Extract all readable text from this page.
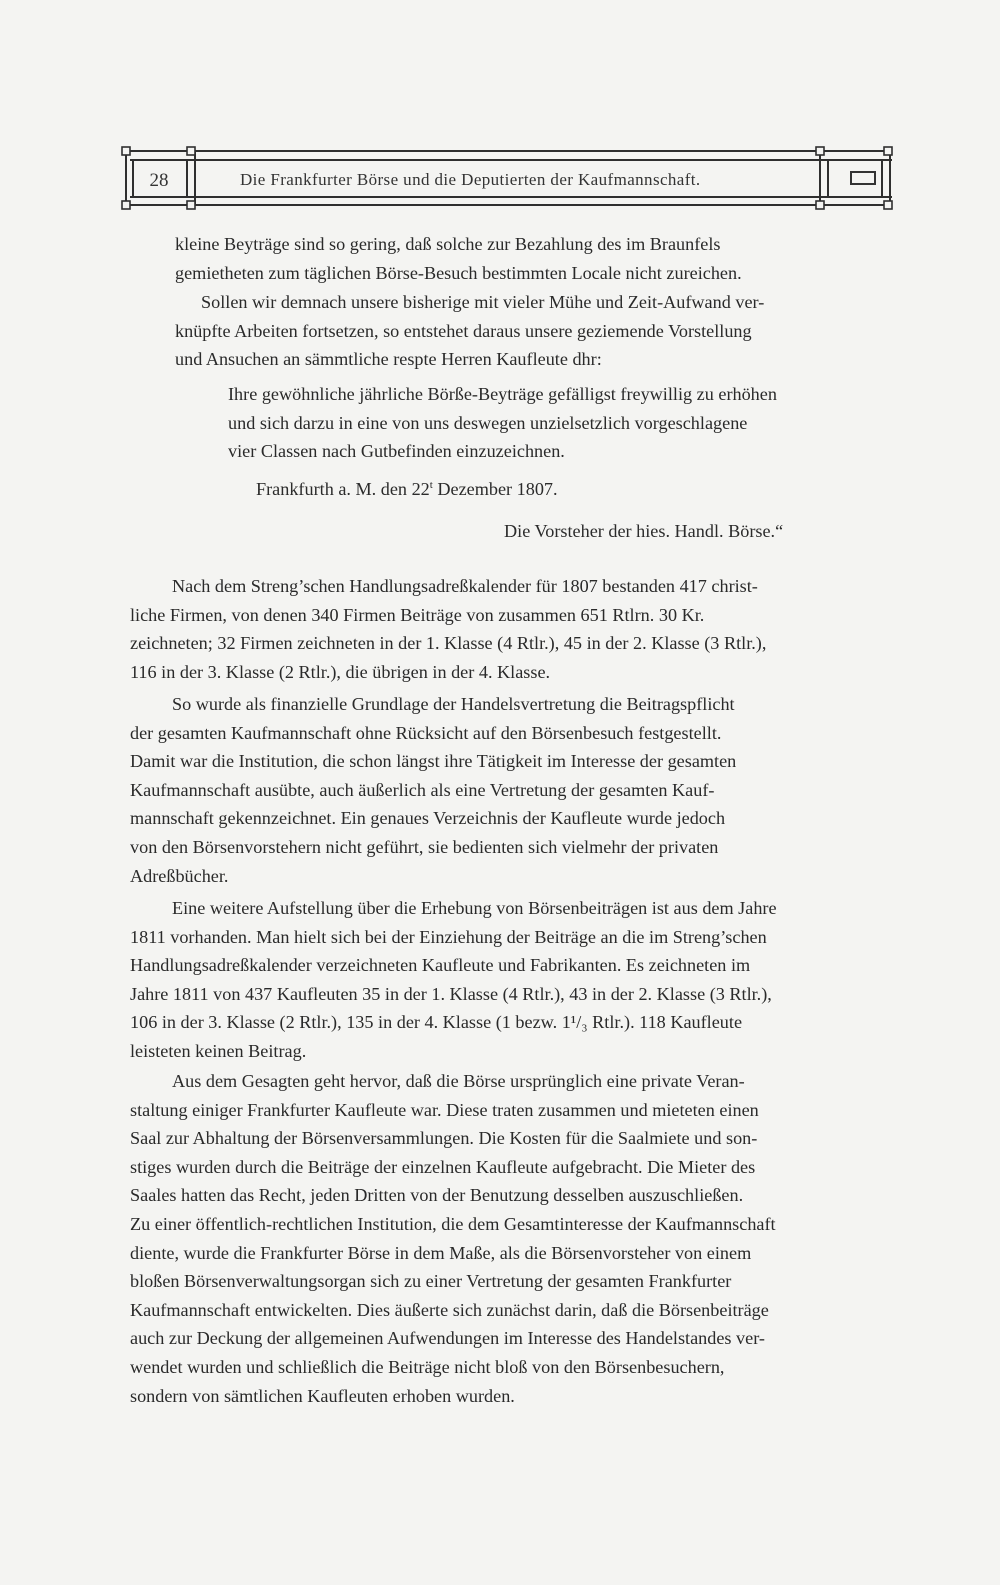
28	Die Frankfurter Börse und die Deputierten der Kaufmannschaft.
kleine Beyträge sind so gering, daß solche zur Bezahlung des im Braunfels
gemietheten zum täglichen Börse-Besuch bestimmten Locale nicht zureichen.
Sollen wir demnach unsere bisherige mit vieler Mühe und Zeit-Aufwand ver-
knüpfte Arbeiten fortsetzen, so entstehet daraus unsere geziemende Vorstellung
und Ansuchen an sämmtliche respte Herren Kaufleute dhr:
Ihre gewöhnliche jährliche Börße-Beyträge gefälligst freywillig zu erhöhen
und sich darzu in eine von uns deswegen unzielsetzlich vorgeschlagene
vier Classen nach Gutbefinden einzuzeichnen.
Frankfurth a. M. den 22$^t$ Dezember 1807.
Die Vorsteher der hies. Handl. Börse.“
Nach dem Streng’schen Handlungsadreßkalender für 1807 bestanden 417 christ-
liche Firmen, von denen 340 Firmen Beiträge von zusammen 651 Rtlrn. 30 Kr.
zeichneten; 32 Firmen zeichneten in der 1. Klasse (4 Rtlr.), 45 in der 2. Klasse (3 Rtlr.),
116 in der 3. Klasse (2 Rtlr.), die übrigen in der 4. Klasse.
So wurde als finanzielle Grundlage der Handelsvertretung die Beitragspflicht
der gesamten Kaufmannschaft ohne Rücksicht auf den Börsenbesuch festgestellt.
Damit war die Institution, die schon längst ihre Tätigkeit im Interesse der gesamten
Kaufmannschaft ausübte, auch äußerlich als eine Vertretung der gesamten Kauf-
mannschaft gekennzeichnet. Ein genaues Verzeichnis der Kaufleute wurde jedoch
von den Börsenvorstehern nicht geführt, sie bedienten sich vielmehr der privaten
Adreßbücher.
Eine weitere Aufstellung über die Erhebung von Börsenbeiträgen ist aus dem Jahre
1811 vorhanden. Man hielt sich bei der Einziehung der Beiträge an die im Streng’schen
Handlungsadreßkalender verzeichneten Kaufleute und Fabrikanten. Es zeichneten im
Jahre 1811 von 437 Kaufleuten 35 in der 1. Klasse (4 Rtlr.), 43 in der 2. Klasse (3 Rtlr.),
106 in der 3. Klasse (2 Rtlr.), 135 in der 4. Klasse (1 bezw. 1¹/₃ Rtlr.). 118 Kaufleute
leisteten keinen Beitrag.
Aus dem Gesagten geht hervor, daß die Börse ursprünglich eine private Veran-
staltung einiger Frankfurter Kaufleute war. Diese traten zusammen und mieteten einen
Saal zur Abhaltung der Börsenversammlungen. Die Kosten für die Saalmiete und son-
stiges wurden durch die Beiträge der einzelnen Kaufleute aufgebracht. Die Mieter des
Saales hatten das Recht, jeden Dritten von der Benutzung desselben auszuschließen.
Zu einer öffentlich-rechtlichen Institution, die dem Gesamtinteresse der Kaufmannschaft
diente, wurde die Frankfurter Börse in dem Maße, als die Börsenvorsteher von einem
bloßen Börsenverwaltungsorgan sich zu einer Vertretung der gesamten Frankfurter
Kaufmannschaft entwickelten. Dies äußerte sich zunächst darin, daß die Börsenbeiträge
auch zur Deckung der allgemeinen Aufwendungen im Interesse des Handelstandes ver-
wendet wurden und schließlich die Beiträge nicht bloß von den Börsenbesuchern,
sondern von sämtlichen Kaufleuten erhoben wurden.
